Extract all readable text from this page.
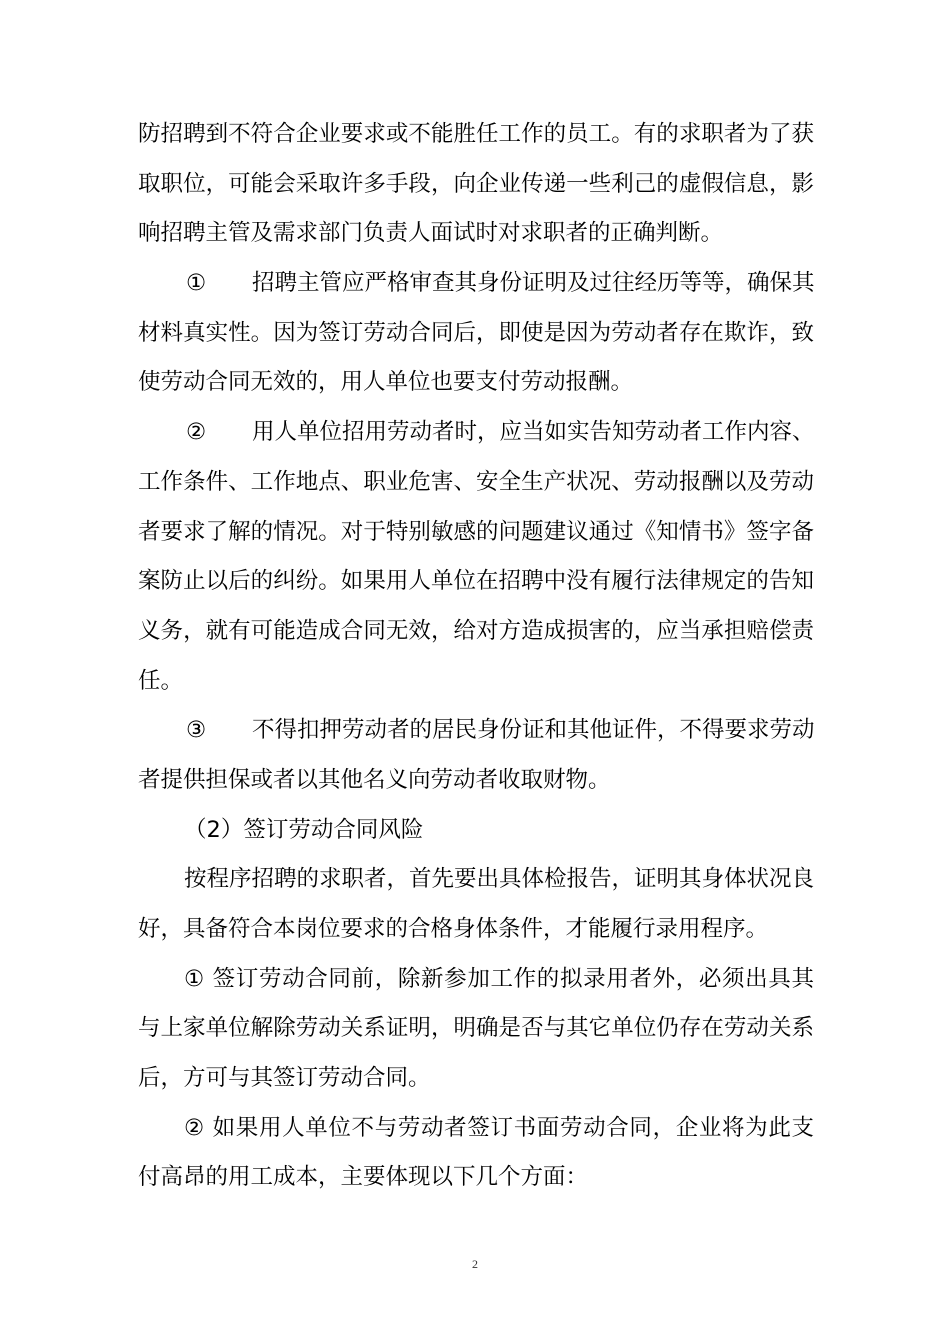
防招聘到不符合企业要求或不能胜任工作的员工。有的求职者为了获
取职位，可能会采取许多手段，向企业传递一些利己的虚假信息，影
响招聘主管及需求部门负责人面试时对求职者的正确判断。
① 招聘主管应严格审查其身份证明及过往经历等等，确保其
材料真实性。因为签订劳动合同后，即使是因为劳动者存在欺诈，致
使劳动合同无效的，用人单位也要支付劳动报酬。
② 用人单位招用劳动者时，应当如实告知劳动者工作内容、
工作条件、工作地点、职业危害、安全生产状况、劳动报酬以及劳动
者要求了解的情况。对于特别敏感的问题建议通过《知情书》签字备
案防止以后的纠纷。如果用人单位在招聘中没有履行法律规定的告知
义务，就有可能造成合同无效，给对方造成损害的，应当承担赔偿责
任。
③ 不得扣押劳动者的居民身份证和其他证件，不得要求劳动
者提供担保或者以其他名义向劳动者收取财物。
（2）签订劳动合同风险
按程序招聘的求职者，首先要出具体检报告，证明其身体状况良
好，具备符合本岗位要求的合格身体条件，才能履行录用程序。
① 签订劳动合同前，除新参加工作的拟录用者外，必须出具其
与上家单位解除劳动关系证明，明确是否与其它单位仍存在劳动关系
后，方可与其签订劳动合同。
② 如果用人单位不与劳动者签订书面劳动合同，企业将为此支
付高昂的用工成本，主要体现以下几个方面：
2
